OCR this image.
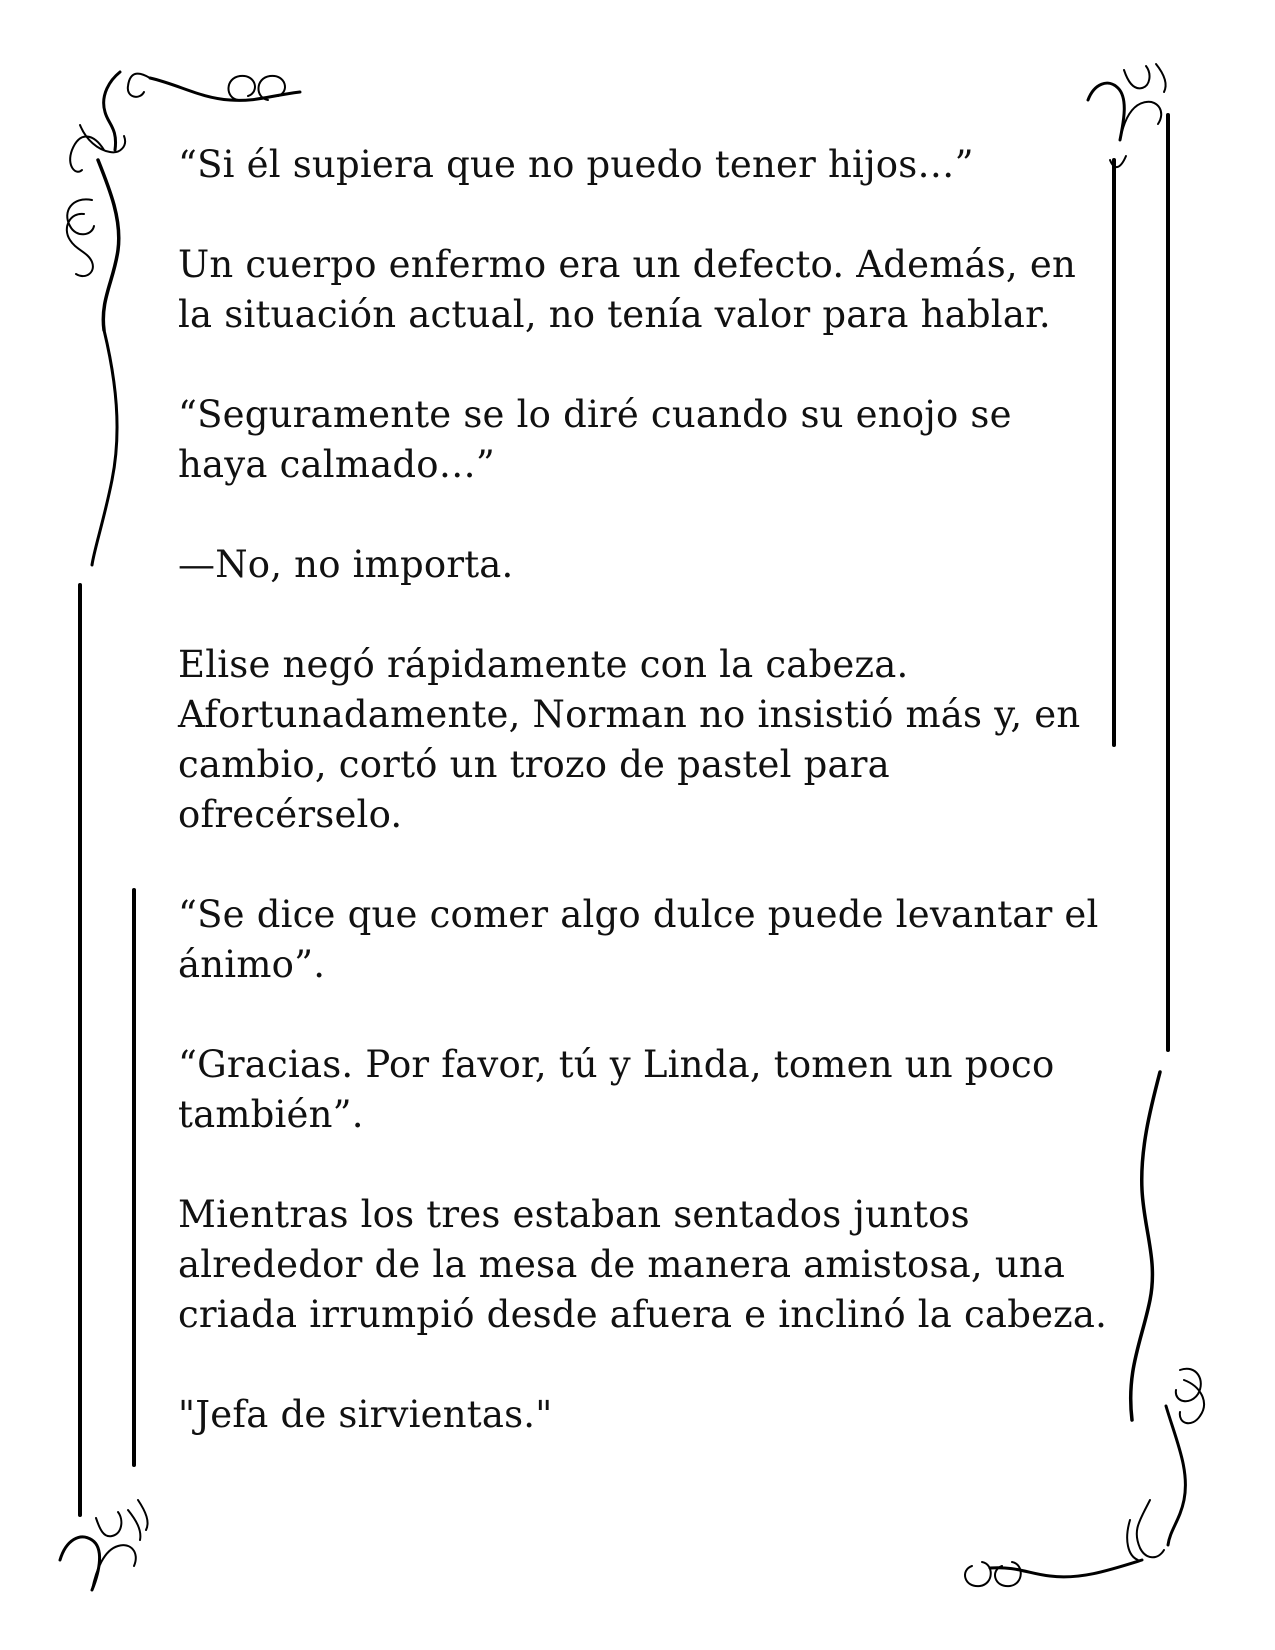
“Si él supiera que no puedo tener hijos…”

Un cuerpo enfermo era un defecto. Además, en la situación actual, no tenía valor para hablar.

“Seguramente se lo diré cuando su enojo se haya calmado…”

—No, no importa.

Elise negó rápidamente con la cabeza. Afortunadamente, Norman no insistió más y, en cambio, cortó un trozo de pastel para ofrecérselo.

“Se dice que comer algo dulce puede levantar el ánimo”.

“Gracias. Por favor, tú y Linda, tomen un poco también”.

Mientras los tres estaban sentados juntos alrededor de la mesa de manera amistosa, una criada irrumpió desde afuera e inclinó la cabeza.

"Jefa de sirvientas."
